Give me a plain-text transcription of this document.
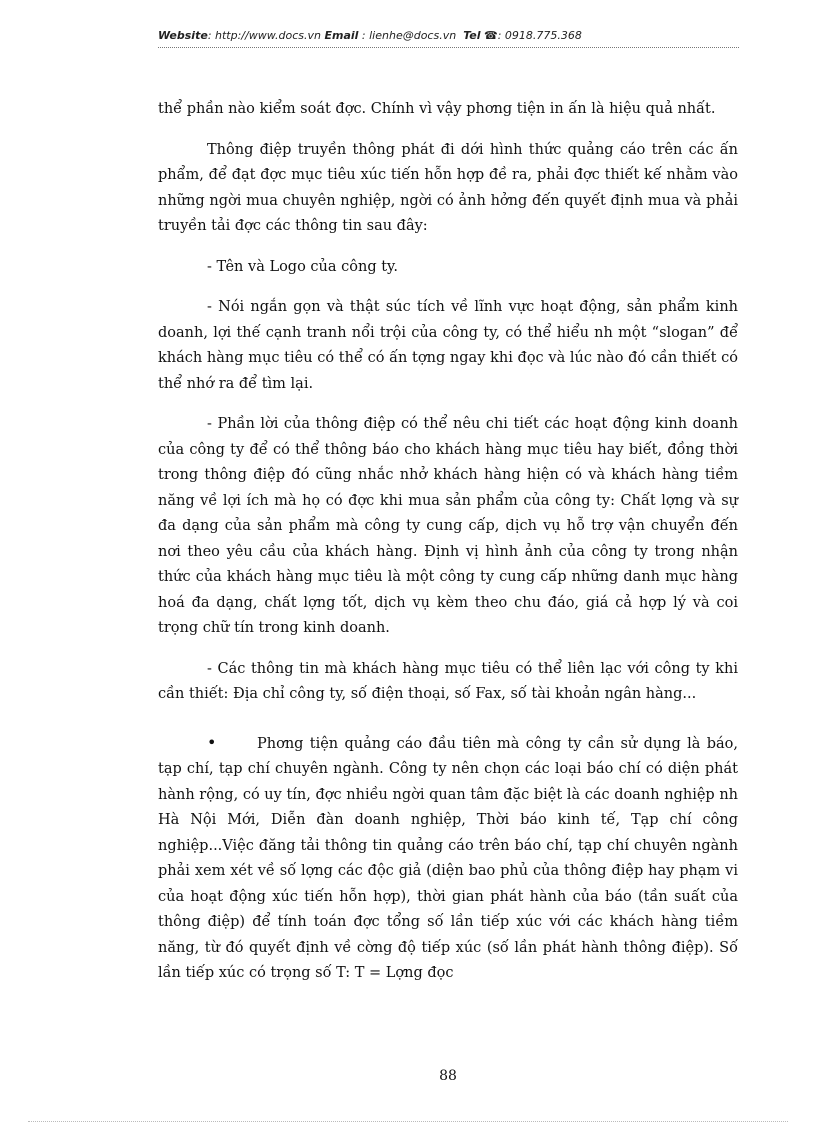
Website: http://www.docs.vn Email : lienhe@docs.vn Tel ☎: 0918.775.368

thể phần nào kiểm soát đợc. Chính vì vậy phơng tiện in ấn là hiệu quả nhất.

Thông điệp truyền thông phát đi dới hình thức quảng cáo trên các ấn phẩm, để đạt đợc mục tiêu xúc tiến hỗn hợp đề ra, phải đợc thiết kế nhằm vào những ngời mua chuyên nghiệp, ngời có ảnh hởng đến quyết định mua và phải truyền tải đợc các thông tin sau đây:

- Tên và Logo của công ty.

- Nói ngắn gọn và thật súc tích về lĩnh vực hoạt động, sản phẩm kinh doanh, lợi thế cạnh tranh nổi trội của công ty, có thể hiểu nh một “slogan” để khách hàng mục tiêu có thể có ấn tợng ngay khi đọc và lúc nào đó cần thiết có thể nhớ ra để tìm lại.

- Phần lời của thông điệp có thể nêu chi tiết các hoạt động kinh doanh của công ty để có thể thông báo cho khách hàng mục tiêu hay biết, đồng thời trong thông điệp đó cũng nhắc nhở khách hàng hiện có và khách hàng tiềm năng về lợi ích mà họ có đợc khi mua sản phẩm của công ty: Chất lợng và sự đa dạng của sản phẩm mà công ty cung cấp, dịch vụ hỗ trợ vận chuyển đến nơi theo yêu cầu của khách hàng. Định vị hình ảnh của công ty trong nhận thức của khách hàng mục tiêu là một công ty cung cấp những danh mục hàng hoá đa dạng, chất lợng tốt, dịch vụ kèm theo chu đáo, giá cả hợp lý và coi trọng chữ tín trong kinh doanh.

- Các thông tin mà khách hàng mục tiêu có thể liên lạc với công ty khi cần thiết: Địa chỉ công ty, số điện thoại, số Fax, số tài khoản ngân hàng...

•	Phơng tiện quảng cáo đầu tiên mà công ty cần sử dụng là báo, tạp chí, tạp chí chuyên ngành. Công ty nên chọn các loại báo chí có diện phát hành rộng, có uy tín, đợc nhiều ngời quan tâm đặc biệt là các doanh nghiệp nh Hà Nội Mới, Diễn đàn doanh nghiệp, Thời báo kinh tế, Tạp chí công nghiệp...Việc đăng tải thông tin quảng cáo trên báo chí, tạp chí chuyên ngành phải xem xét về số lợng các độc giả (diện bao phủ của thông điệp hay phạm vi của hoạt động xúc tiến hỗn hợp), thời gian phát hành của báo (tần suất của thông điệp) để tính toán đợc tổng số lần tiếp xúc với các khách hàng tiềm năng, từ đó quyết định về cờng độ tiếp xúc (số lần phát hành thông điệp). Số lần tiếp xúc có trọng số T: T = Lợng đọc

88
